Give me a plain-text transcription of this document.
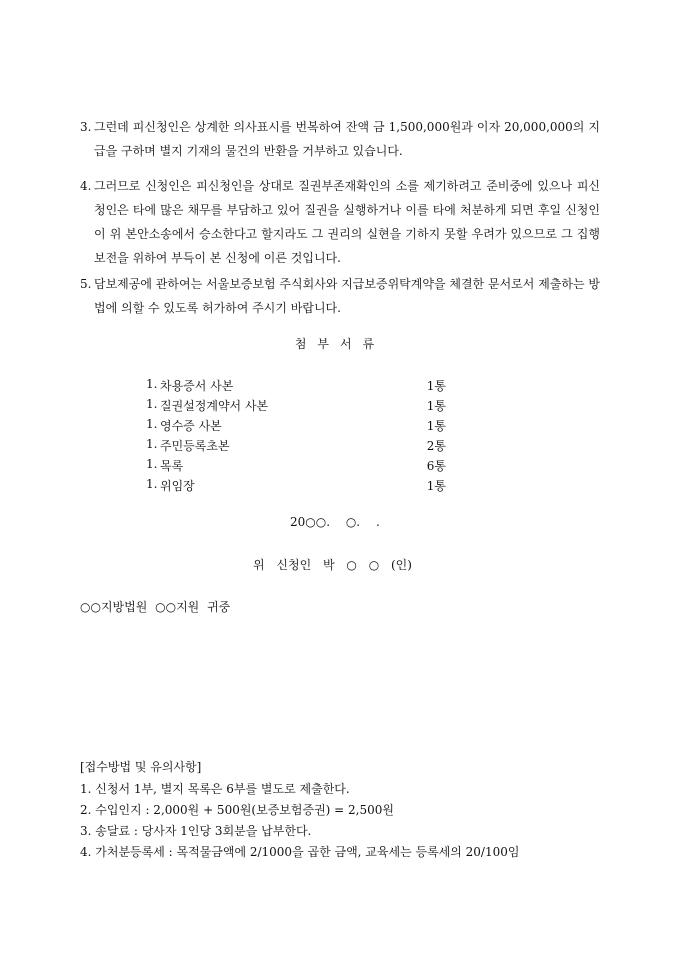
3. 그런데 피신청인은 상계한 의사표시를 번복하여 잔액 금 1,500,000원과 이자 20,000,000의 지급을 구하며 별지 기재의 물건의 반환을 거부하고 있습니다.
4. 그러므로 신청인은 피신청인을 상대로 질권부존재확인의 소를 제기하려고 준비중에 있으나 피신청인은 타에 많은 채무를 부담하고 있어 질권을 실행하거나 이를 타에 처분하게 되면 후일 신청인이 위 본안소송에서 승소한다고 할지라도 그 권리의 실현을 기하지 못할 우려가 있으므로 그 집행보전을 위하여 부득이 본 신청에 이른 것입니다.
5. 담보제공에 관하여는 서울보증보험 주식회사와 지급보증위탁계약을 체결한 문서로서 제출하는 방법에 의할 수 있도록 허가하여 주시기 바랍니다.
첨부서류
1. 차용증서 사본	1통
1. 질권설정계약서 사본	1통
1. 영수증 사본	1통
1. 주민등록초본	2통
1. 목록	6통
1. 위임장	1통
20○○. ○. .
위 신청인 박 ○ ○ (인)
○○지방법원 ○○지원 귀중
[접수방법 및 유의사항]
1. 신청서 1부, 별지 목록은 6부를 별도로 제출한다.
2. 수입인지 : 2,000원 + 500원(보증보험증권) = 2,500원
3. 송달료 : 당사자 1인당 3회분을 납부한다.
4. 가처분등록세 : 목적물금액에 2/1000을 곱한 금액, 교육세는 등록세의 20/100임
